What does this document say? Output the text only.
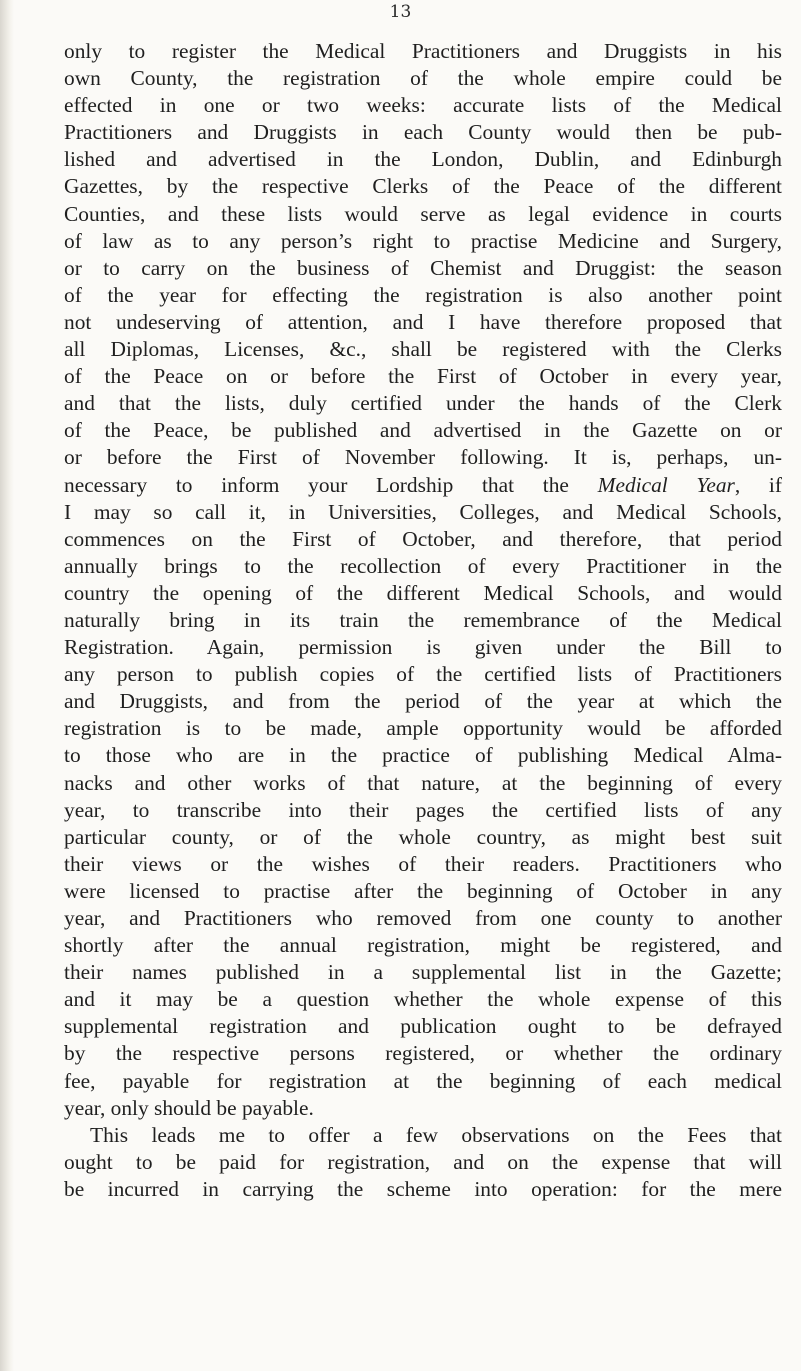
13

only to register the Medical Practitioners and Druggists in his
own County, the registration of the whole empire could be
effected in one or two weeks: accurate lists of the Medical
Practitioners and Druggists in each County would then be pub-
lished and advertised in the London, Dublin, and Edinburgh
Gazettes, by the respective Clerks of the Peace of the different
Counties, and these lists would serve as legal evidence in courts
of law as to any person’s right to practise Medicine and Surgery,
or to carry on the business of Chemist and Druggist: the season
of the year for effecting the registration is also another point
not undeserving of attention, and I have therefore proposed that
all Diplomas, Licenses, &c., shall be registered with the Clerks
of the Peace on or before the First of October in every year,
and that the lists, duly certified under the hands of the Clerk
of the Peace, be published and advertised in the Gazette on or
or before the First of November following. It is, perhaps, un-
necessary to inform your Lordship that the Medical Year, if
I may so call it, in Universities, Colleges, and Medical Schools,
commences on the First of October, and therefore, that period
annually brings to the recollection of every Practitioner in the
country the opening of the different Medical Schools, and would
naturally bring in its train the remembrance of the Medical
Registration. Again, permission is given under the Bill to
any person to publish copies of the certified lists of Practitioners
and Druggists, and from the period of the year at which the
registration is to be made, ample opportunity would be afforded
to those who are in the practice of publishing Medical Alma-
nacks and other works of that nature, at the beginning of every
year, to transcribe into their pages the certified lists of any
particular county, or of the whole country, as might best suit
their views or the wishes of their readers. Practitioners who
were licensed to practise after the beginning of October in any
year, and Practitioners who removed from one county to another
shortly after the annual registration, might be registered, and
their names published in a supplemental list in the Gazette;
and it may be a question whether the whole expense of this
supplemental registration and publication ought to be defrayed
by the respective persons registered, or whether the ordinary
fee, payable for registration at the beginning of each medical
year, only should be payable.
This leads me to offer a few observations on the Fees that
ought to be paid for registration, and on the expense that will
be incurred in carrying the scheme into operation: for the mere
